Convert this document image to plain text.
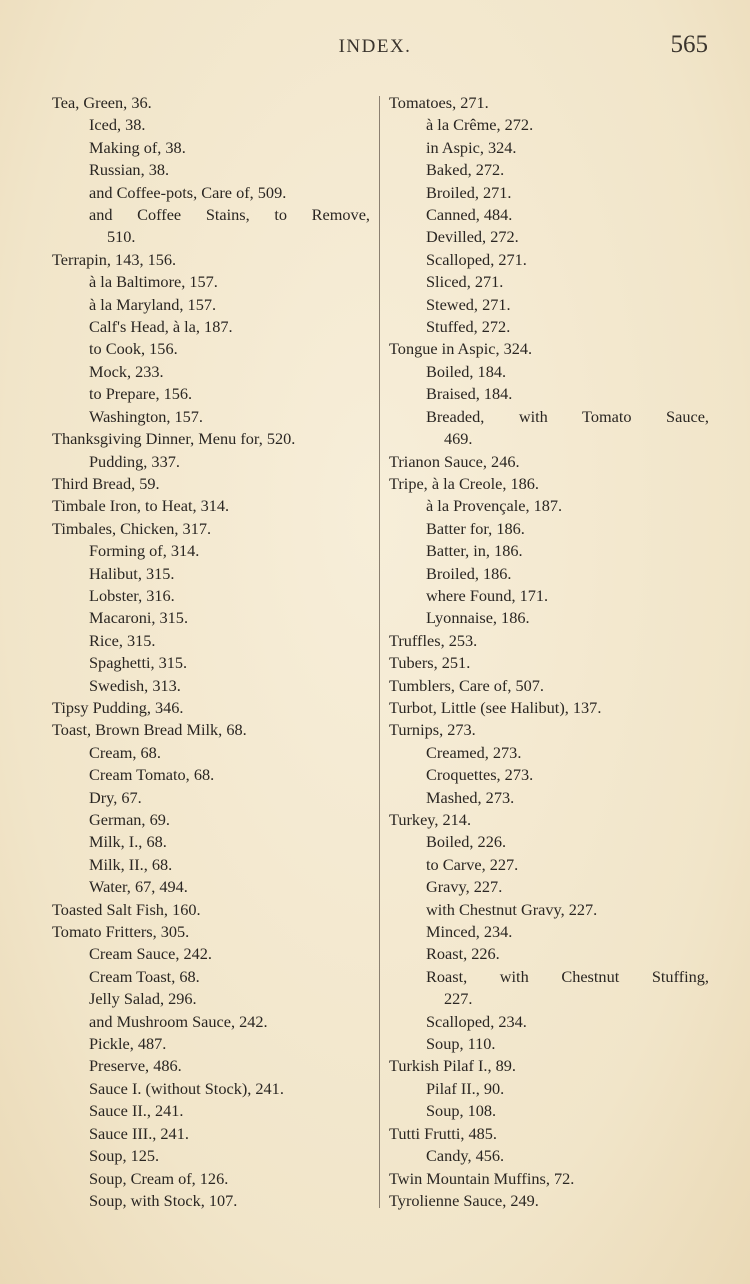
INDEX.	565
Tea, Green, 36.
Iced, 38.
Making of, 38.
Russian, 38.
and Coffee-pots, Care of, 509.
and Coffee Stains, to Remove,
510.
Terrapin, 143, 156.
à la Baltimore, 157.
à la Maryland, 157.
Calf's Head, à la, 187.
to Cook, 156.
Mock, 233.
to Prepare, 156.
Washington, 157.
Thanksgiving Dinner, Menu for, 520.
Pudding, 337.
Third Bread, 59.
Timbale Iron, to Heat, 314.
Timbales, Chicken, 317.
Forming of, 314.
Halibut, 315.
Lobster, 316.
Macaroni, 315.
Rice, 315.
Spaghetti, 315.
Swedish, 313.
Tipsy Pudding, 346.
Toast, Brown Bread Milk, 68.
Cream, 68.
Cream Tomato, 68.
Dry, 67.
German, 69.
Milk, I., 68.
Milk, II., 68.
Water, 67, 494.
Toasted Salt Fish, 160.
Tomato Fritters, 305.
Cream Sauce, 242.
Cream Toast, 68.
Jelly Salad, 296.
and Mushroom Sauce, 242.
Pickle, 487.
Preserve, 486.
Sauce I. (without Stock), 241.
Sauce II., 241.
Sauce III., 241.
Soup, 125.
Soup, Cream of, 126.
Soup, with Stock, 107.
Tomatoes, 271.
à la Crême, 272.
in Aspic, 324.
Baked, 272.
Broiled, 271.
Canned, 484.
Devilled, 272.
Scalloped, 271.
Sliced, 271.
Stewed, 271.
Stuffed, 272.
Tongue in Aspic, 324.
Boiled, 184.
Braised, 184.
Breaded, with Tomato Sauce,
469.
Trianon Sauce, 246.
Tripe, à la Creole, 186.
à la Provençale, 187.
Batter for, 186.
Batter, in, 186.
Broiled, 186.
where Found, 171.
Lyonnaise, 186.
Truffles, 253.
Tubers, 251.
Tumblers, Care of, 507.
Turbot, Little (see Halibut), 137.
Turnips, 273.
Creamed, 273.
Croquettes, 273.
Mashed, 273.
Turkey, 214.
Boiled, 226.
to Carve, 227.
Gravy, 227.
with Chestnut Gravy, 227.
Minced, 234.
Roast, 226.
Roast, with Chestnut Stuffing,
227.
Scalloped, 234.
Soup, 110.
Turkish Pilaf I., 89.
Pilaf II., 90.
Soup, 108.
Tutti Frutti, 485.
Candy, 456.
Twin Mountain Muffins, 72.
Tyrolienne Sauce, 249.
